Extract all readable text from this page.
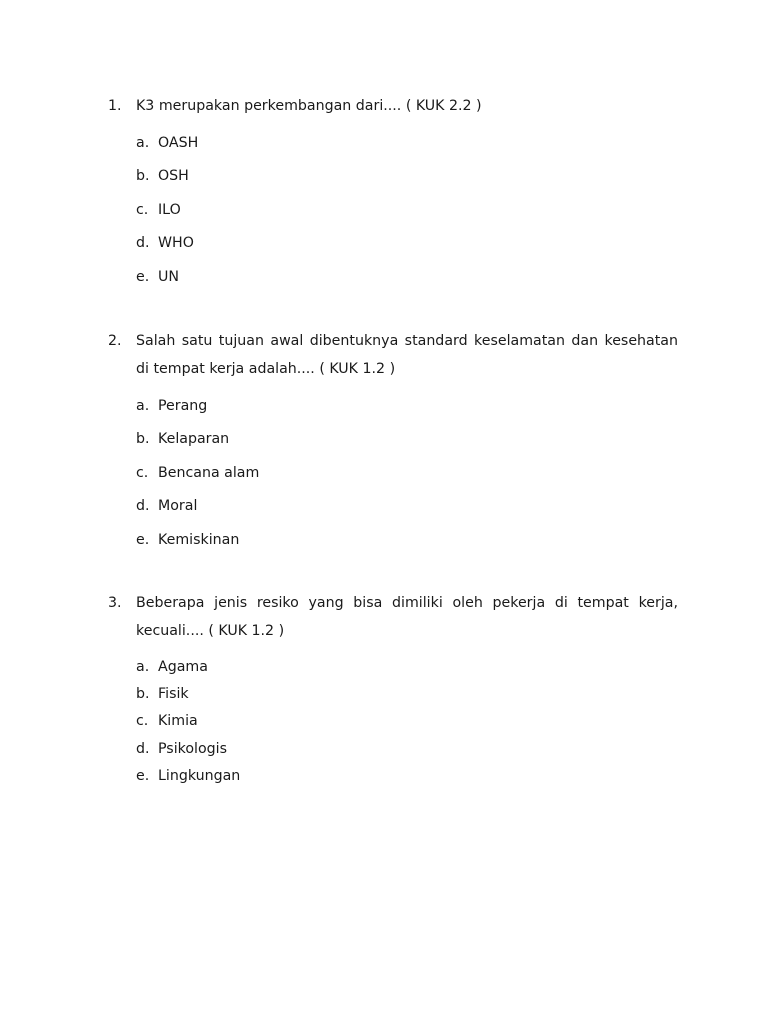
1.	K3 merupakan perkembangan dari.... ( KUK 2.2 )
a. OASH
b. OSH
c. ILO
d. WHO
e. UN
2.	Salah satu tujuan awal dibentuknya standard keselamatan dan kesehatan di tempat kerja adalah.... ( KUK 1.2 )
a. Perang
b. Kelaparan
c. Bencana alam
d. Moral
e. Kemiskinan
3.	Beberapa jenis resiko yang bisa dimiliki oleh pekerja di tempat kerja, kecuali.... ( KUK 1.2 )
a. Agama
b. Fisik
c. Kimia
d. Psikologis
e. Lingkungan
